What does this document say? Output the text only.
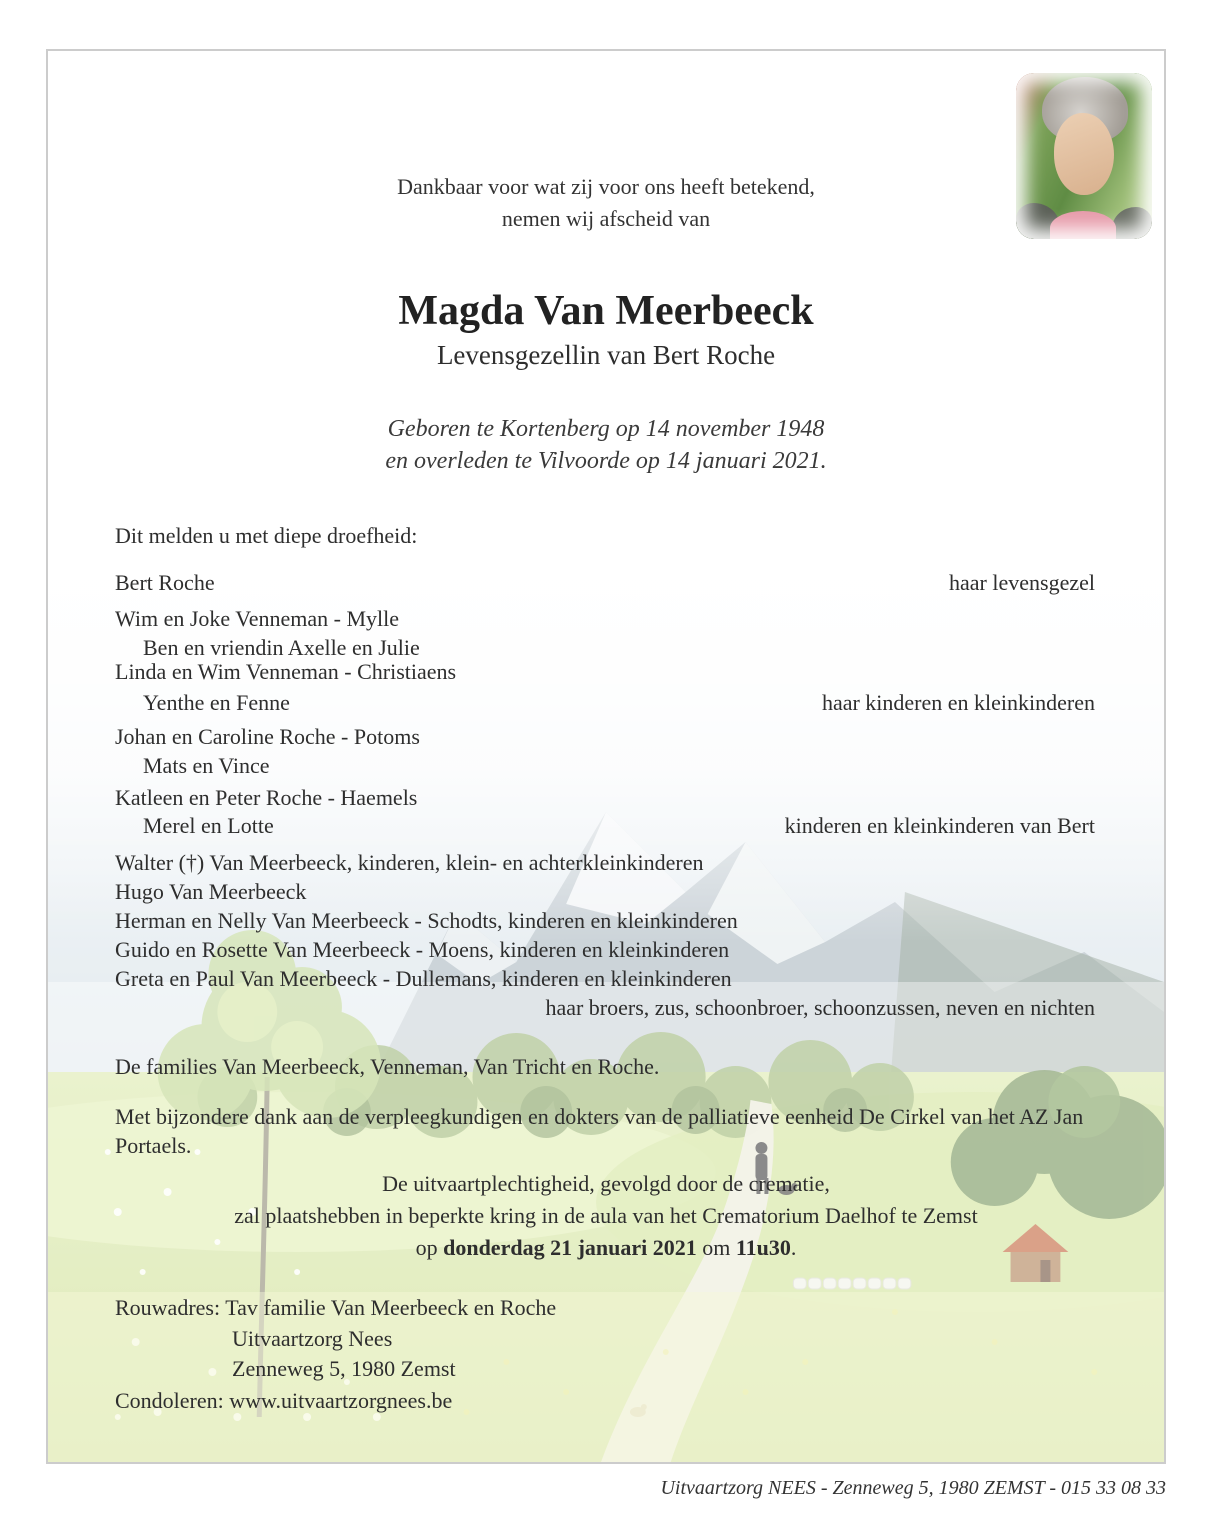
Dankbaar voor wat zij voor ons heeft betekend,
nemen wij afscheid van
Magda Van Meerbeeck
Levensgezellin van Bert Roche
Geboren te Kortenberg op 14 november 1948
en overleden te Vilvoorde op 14 januari 2021.
Dit melden u met diepe droefheid:
Bert Roche	haar levensgezel
Wim en Joke Venneman - Mylle
Ben en vriendin Axelle en Julie
Linda en Wim Venneman - Christiaens
Yenthe en Fenne	haar kinderen en kleinkinderen
Johan en Caroline Roche - Potoms
Mats en Vince
Katleen en Peter Roche - Haemels
Merel en Lotte	kinderen en kleinkinderen van Bert
Walter (†) Van Meerbeeck, kinderen, klein- en achterkleinkinderen
Hugo Van Meerbeeck
Herman en Nelly Van Meerbeeck - Schodts, kinderen en kleinkinderen
Guido en Rosette Van Meerbeeck - Moens, kinderen en kleinkinderen
Greta en Paul Van Meerbeeck - Dullemans, kinderen en kleinkinderen
haar broers, zus, schoonbroer, schoonzussen, neven en nichten
De families Van Meerbeeck, Venneman, Van Tricht en Roche.
Met bijzondere dank aan de verpleegkundigen en dokters van de palliatieve eenheid De Cirkel van het AZ Jan Portaels.
De uitvaartplechtigheid, gevolgd door de crematie,
zal plaatshebben in beperkte kring in de aula van het Crematorium Daelhof te Zemst
op donderdag 21 januari 2021 om 11u30.
Rouwadres: Tav familie Van Meerbeeck en Roche
Uitvaartzorg Nees
Zenneweg 5, 1980 Zemst
Condoleren: www.uitvaartzorgnees.be
Uitvaartzorg NEES - Zenneweg 5, 1980 ZEMST - 015 33 08 33
